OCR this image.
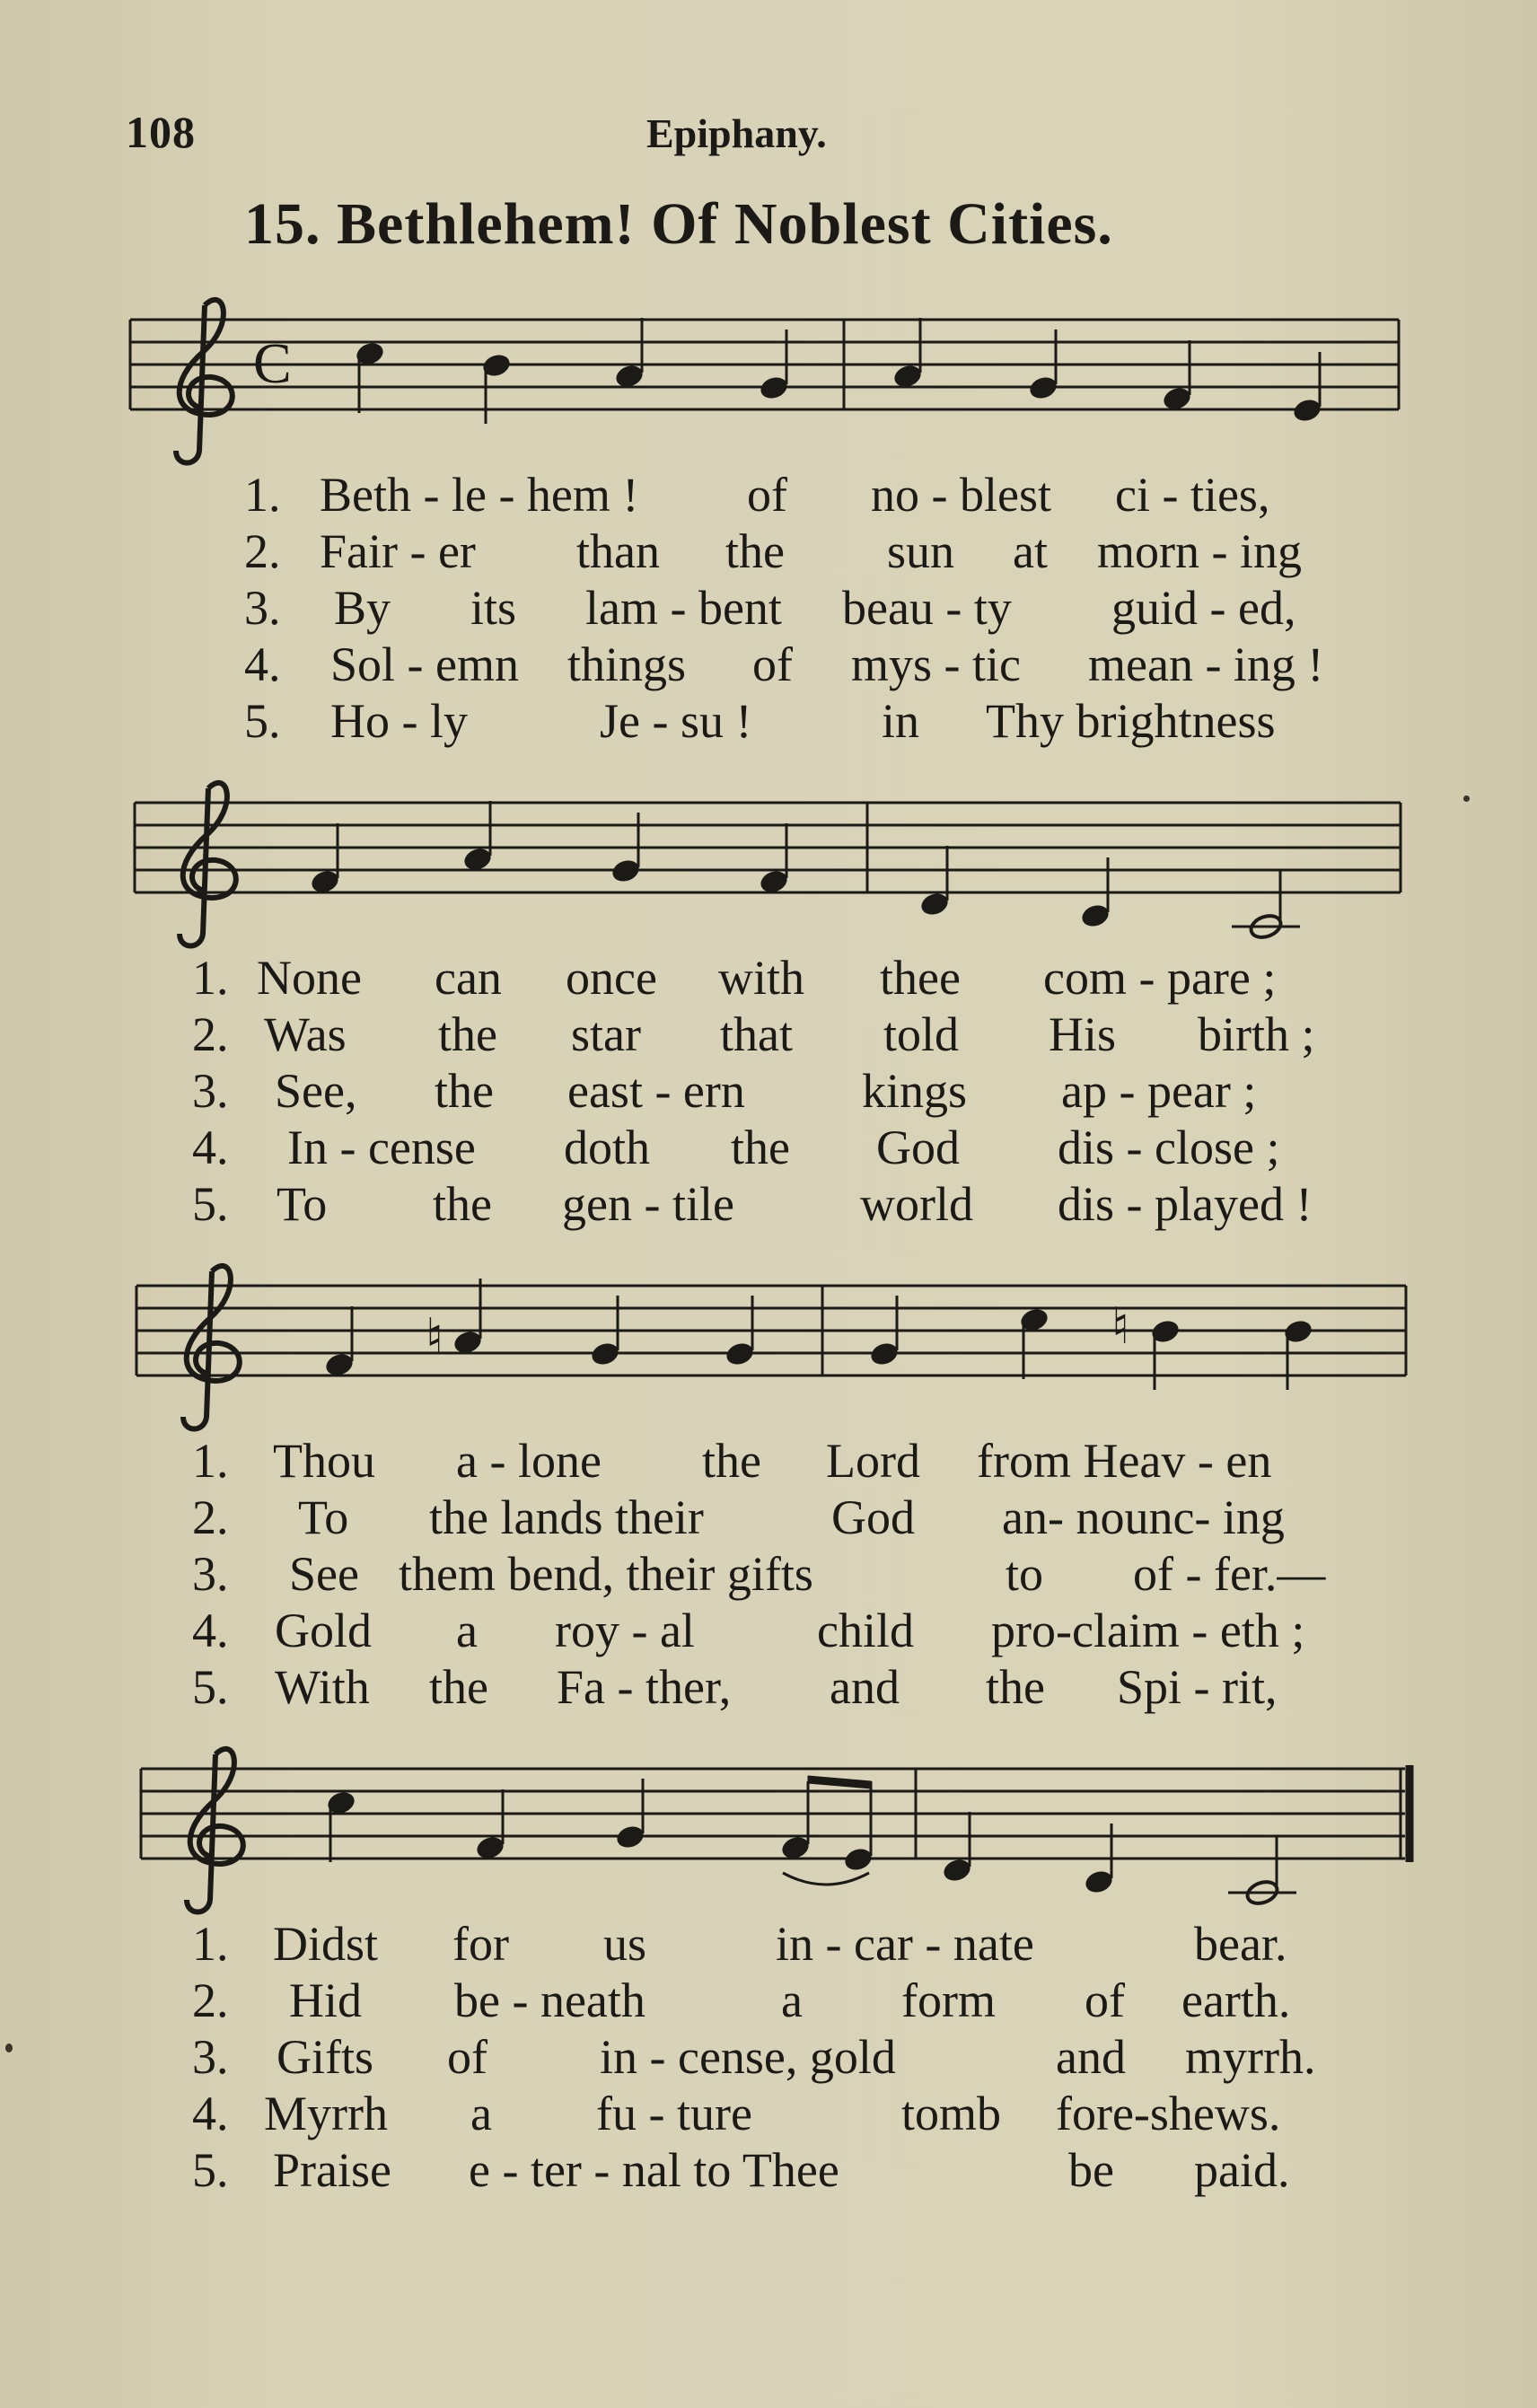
108	Epiphany.
15. Bethlehem! Of Noblest Cities.
C
1. Beth - le - hem ! of no - blest ci - ties,
2. Fair - er than the sun at morn - ing
3. By its lam - bent beau - ty guid - ed,
4. Sol - emn things of mys - tic mean - ing !
5. Ho - ly	Je - su !	in Thy brightness
1. None can once with thee com - pare ;
2. Was the star that told His birth ;
3. See, the east - ern kings ap - pear ;
4. In - cense doth the God dis - close ;
5. To the gen - tile	world dis - played !
♮	♮
1. Thou a - lone the Lord from Heav - en
2. To the lands their	God an- nounc- ing
3. See them bend, their gifts	to of - fer.—
4. Gold a roy - al	child pro-claim - eth ;
5. With the Fa - ther, and the Spi - rit,
1. Didst for us	in - car - nate	bear.
2. Hid be - neath	a form of earth.
3. Gifts of in - cense, gold	and myrrh.
4. Myrrh a fu - ture	tomb fore-shews.
5. Praise e - ter - nal to Thee	be paid.
